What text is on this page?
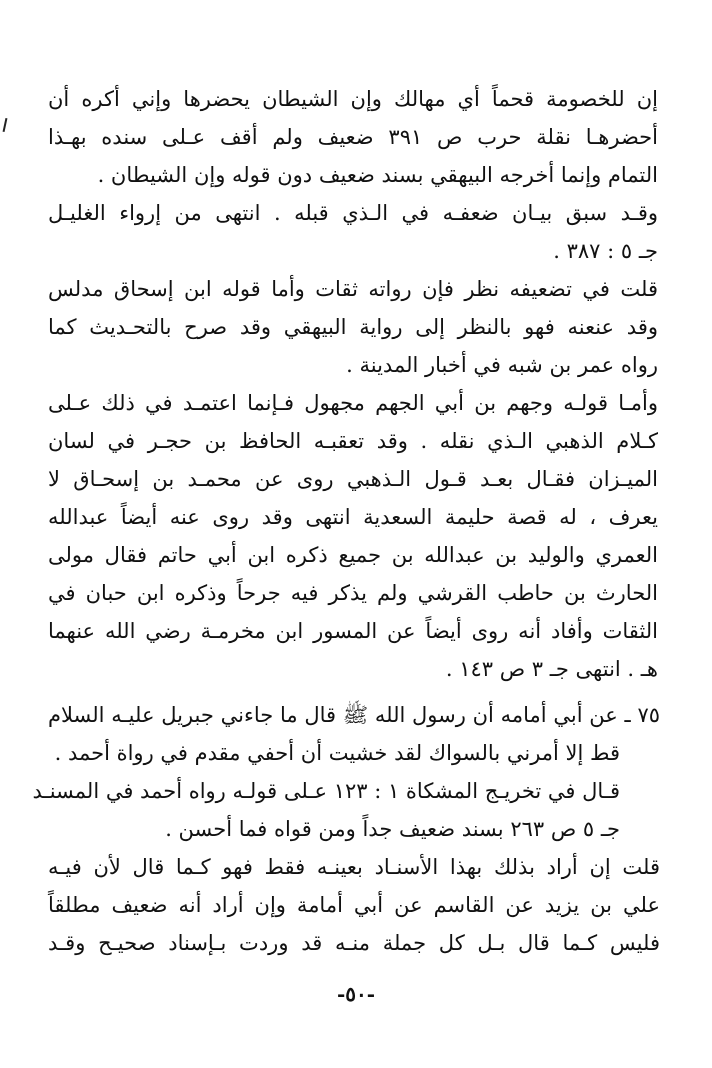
إن للخصومة قحماً أي مهالك وإن الشيطان يحضرها وإني أكره أن
أحضرهـا نقلة حرب ص ٣٩١ ضعيف ولم أقف عـلى سنده بهـذا
التمام وإنما أخرجه البيهقي بسند ضعيف دون قوله وإن الشيطان .
وقـد سبق بيـان ضعفـه في الـذي قبله . انتهى من إرواء الغليـل
جـ ٥ : ٣٨٧ .
قلت في تضعيفه نظر فإن رواته ثقات وأما قوله ابن إسحاق مدلس
وقد عنعنه فهو بالنظر إلى رواية البيهقي وقد صرح بالتحـديث كما
رواه عمر بن شبه في أخبار المدينة .
وأمـا قولـه وجهم بن أبي الجهم مجهول فـإنما اعتمـد في ذلك عـلى
كـلام الذهبي الـذي نقله . وقد تعقبـه الحافظ بن حجـر في لسان
الميـزان فقـال بعـد قـول الـذهبي روى عن محمـد بن إسحـاق لا
يعرف ، له قصة حليمة السعدية انتهى وقد روى عنه أيضاً عبدالله
العمري والوليد بن عبدالله بن جميع ذكره ابن أبي حاتم فقال مولى
الحارث بن حاطب القرشي ولم يذكر فيه جرحاً وذكره ابن حبان في
الثقات وأفاد أنه روى أيضاً عن المسور ابن مخرمـة رضي الله عنهما
هـ . انتهى جـ ٣ ص ١٤٣ .
٧٥ ـ عن أبي أمامه أن رسول الله ﷺ قال ما جاءني جبريل عليـه السلام
قط إلا أمرني بالسواك لقد خشيت أن أحفي مقدم في رواة أحمد .
قـال في تخريـج المشكاة ١ : ١٢٣ عـلى قولـه رواه أحمد في المسنـد
جـ ٥ ص ٢٦٣ بسند ضعيف جداً ومن قواه فما أحسن .
قلت إن أراد بذلك بهذا الأسنـاد بعينـه فقط فهو كـما قال لأن فيـه
علي بن يزيد عن القاسم عن أبي أمامة وإن أراد أنه ضعيف مطلقاً
فليس كـما قال بـل كل جملة منـه قد وردت بـإسناد صحيـح وقـد
-٥٠-
